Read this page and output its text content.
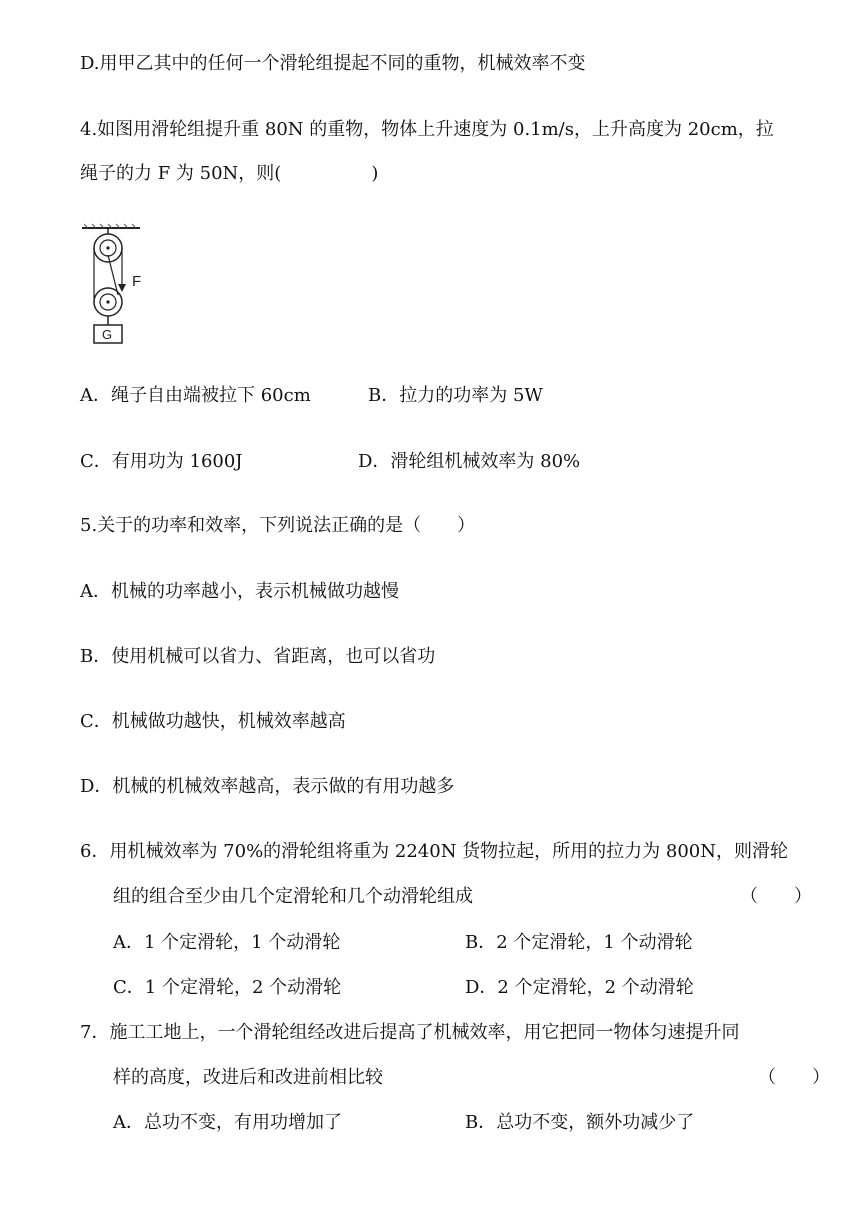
D.用甲乙其中的任何一个滑轮组提起不同的重物，机械效率不变
4.如图用滑轮组提升重 80N 的重物，物体上升速度为 0.1m/s，上升高度为 20cm，拉
绳子的力 F 为 50N，则(　　　　　)
F
G
A．绳子自由端被拉下 60cm	B．拉力的功率为 5W
C．有用功为 1600J	D．滑轮组机械效率为 80%
5.关于的功率和效率，下列说法正确的是（　　）
A．机械的功率越小，表示机械做功越慢
B．使用机械可以省力、省距离，也可以省功
C．机械做功越快，机械效率越高
D．机械的机械效率越高，表示做的有用功越多
6．用机械效率为 70%的滑轮组将重为 2240N 货物拉起，所用的拉力为 800N，则滑轮
组的组合至少由几个定滑轮和几个动滑轮组成	（　　）
A．1 个定滑轮，1 个动滑轮	B．2 个定滑轮，1 个动滑轮
C．1 个定滑轮，2 个动滑轮	D．2 个定滑轮，2 个动滑轮
7．施工工地上，一个滑轮组经改进后提高了机械效率，用它把同一物体匀速提升同
样的高度，改进后和改进前相比较	（　　）
A．总功不变，有用功增加了	B．总功不变，额外功减少了
